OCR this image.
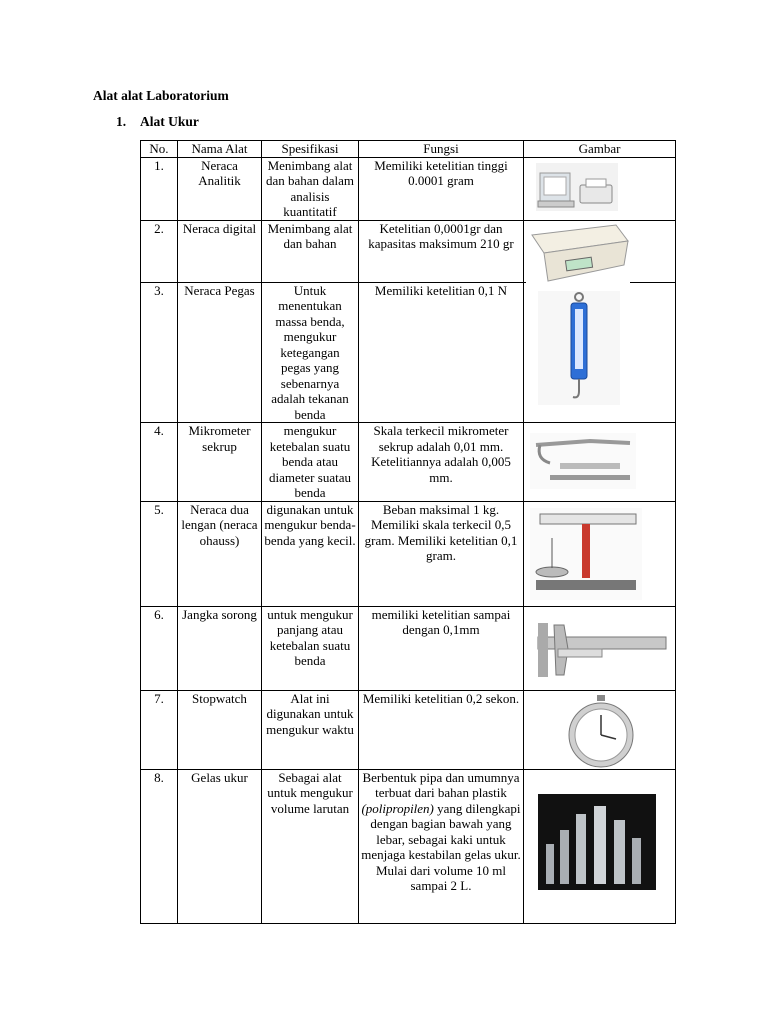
Alat alat Laboratorium
1. Alat Ukur
No.	Nama Alat	Spesifikasi	Fungsi	Gambar
1.	Neraca Analitik	Menimbang alat dan bahan dalam analisis kuantitatif	Memiliki ketelitian tinggi 0.0001 gram	

2.	Neraca digital	Menimbang alat dan bahan	Ketelitian 0,0001gr dan kapasitas maksimum 210 gr	

3.	Neraca Pegas	Untuk menentukan massa benda, mengukur ketegangan pegas yang sebenarnya adalah tekanan benda	Memiliki ketelitian 0,1 N	

4.	Mikrometer sekrup	mengukur ketebalan suatu benda atau diameter suatau benda	Skala terkecil mikrometer sekrup adalah 0,01 mm. Ketelitiannya adalah 0,005 mm.	

5.	Neraca dua lengan (neraca ohauss)	digunakan untuk mengukur benda-benda yang kecil.	Beban maksimal 1 kg. Memiliki skala terkecil 0,5 gram. Memiliki ketelitian 0,1 gram.	

6.	Jangka sorong	untuk mengukur panjang atau ketebalan suatu benda	memiliki ketelitian sampai dengan 0,1mm	

7.	Stopwatch	Alat ini digunakan untuk mengukur waktu	Memiliki ketelitian 0,2 sekon.	

8.	Gelas ukur	Sebagai alat untuk mengukur volume larutan	Berbentuk pipa dan umumnya terbuat dari bahan plastik (polipropilen) yang dilengkapi dengan bagian bawah yang lebar, sebagai kaki untuk menjaga kestabilan gelas ukur. Mulai dari volume 10 ml sampai 2 L.	
